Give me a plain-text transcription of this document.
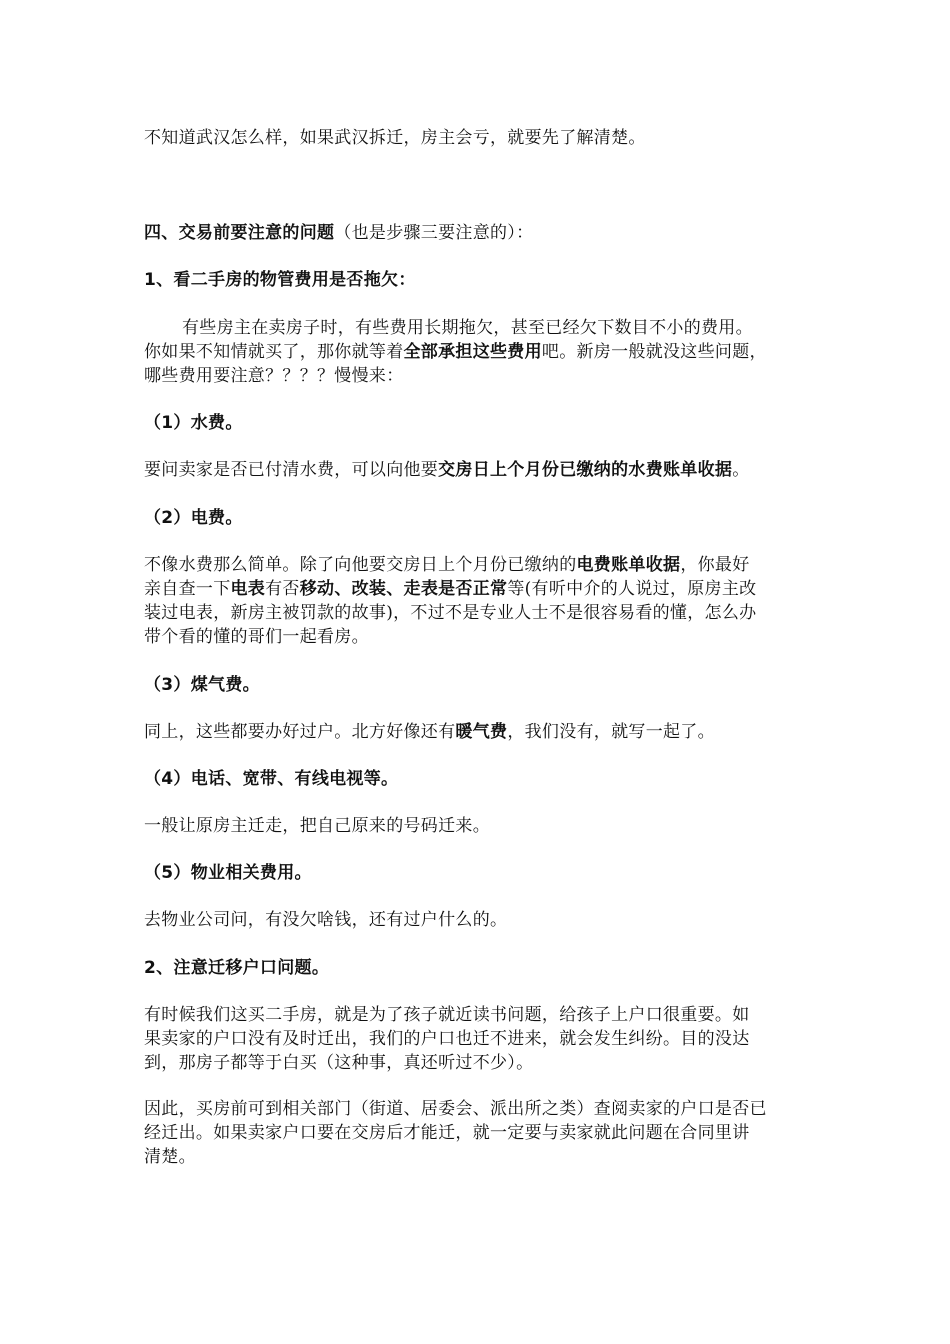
不知道武汉怎么样，如果武汉拆迁，房主会亏，就要先了解清楚。
四、交易前要注意的问题（也是步骤三要注意的）：
1、看二手房的物管费用是否拖欠：
有些房主在卖房子时，有些费用长期拖欠，甚至已经欠下数目不小的费用。
你如果不知情就买了，那你就等着全部承担这些费用吧。新房一般就没这些问题，
哪些费用要注意？？？？慢慢来：
（1）水费。
要问卖家是否已付清水费，可以向他要交房日上个月份已缴纳的水费账单收据。
（2）电费。
不像水费那么简单。除了向他要交房日上个月份已缴纳的电费账单收据，你最好
亲自查一下电表有否移动、改装、走表是否正常等(有听中介的人说过，原房主改
装过电表，新房主被罚款的故事)，不过不是专业人士不是很容易看的懂，怎么办
带个看的懂的哥们一起看房。
（3）煤气费。
同上，这些都要办好过户。北方好像还有暖气费，我们没有，就写一起了。
（4）电话、宽带、有线电视等。
一般让原房主迁走，把自己原来的号码迁来。
（5）物业相关费用。
去物业公司问，有没欠啥钱，还有过户什么的。
2、注意迁移户口问题。
有时候我们这买二手房，就是为了孩子就近读书问题，给孩子上户口很重要。如
果卖家的户口没有及时迁出，我们的户口也迁不进来，就会发生纠纷。目的没达
到，那房子都等于白买（这种事，真还听过不少）。
因此，买房前可到相关部门（街道、居委会、派出所之类）查阅卖家的户口是否已
经迁出。如果卖家户口要在交房后才能迁，就一定要与卖家就此问题在合同里讲
清楚。
